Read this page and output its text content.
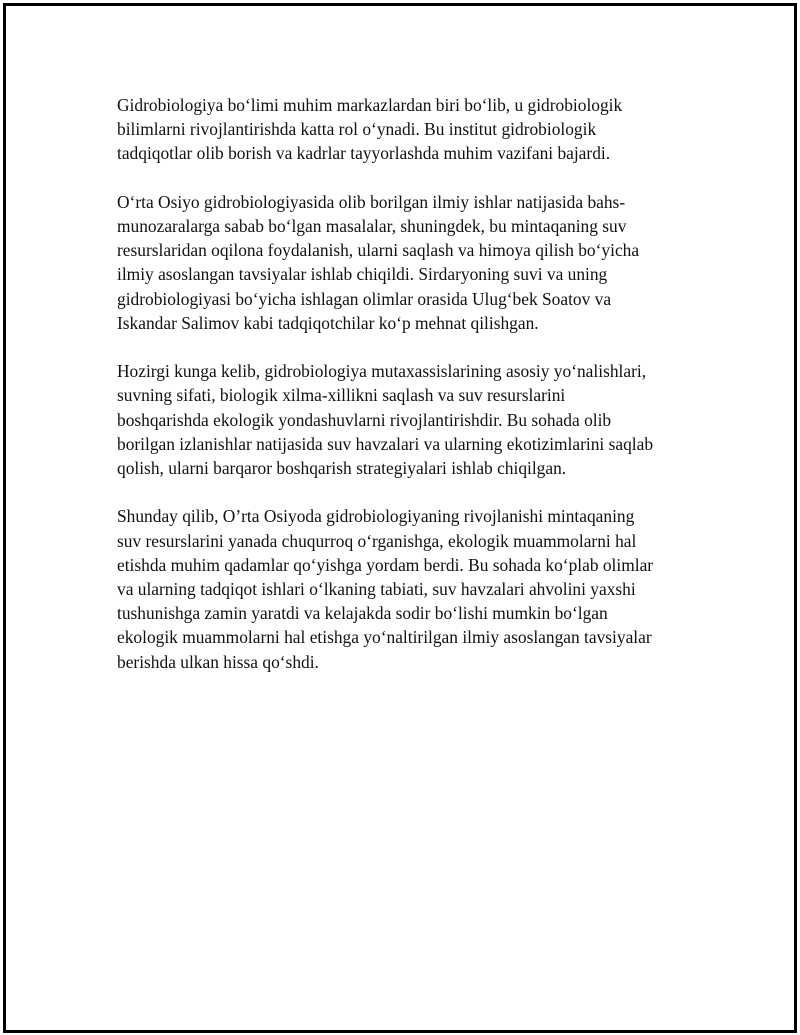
Gidrobiologiya bo‘limi muhim markazlardan biri bo‘lib, u gidrobiologik
bilimlarni rivojlantirishda katta rol o‘ynadi. Bu institut gidrobiologik
tadqiqotlar olib borish va kadrlar tayyorlashda muhim vazifani bajardi.

O‘rta Osiyo gidrobiologiyasida olib borilgan ilmiy ishlar natijasida bahs-
munozaralarga sabab bo‘lgan masalalar, shuningdek, bu mintaqaning suv
resurslaridan oqilona foydalanish, ularni saqlash va himoya qilish bo‘yicha
ilmiy asoslangan tavsiyalar ishlab chiqildi. Sirdaryoning suvi va uning
gidrobiologiyasi bo‘yicha ishlagan olimlar orasida Ulug‘bek Soatov va
Iskandar Salimov kabi tadqiqotchilar ko‘p mehnat qilishgan.

Hozirgi kunga kelib, gidrobiologiya mutaxassislarining asosiy yo‘nalishlari,
suvning sifati, biologik xilma-xillikni saqlash va suv resurslarini
boshqarishda ekologik yondashuvlarni rivojlantirishdir. Bu sohada olib
borilgan izlanishlar natijasida suv havzalari va ularning ekotizimlarini saqlab
qolish, ularni barqaror boshqarish strategiyalari ishlab chiqilgan.

Shunday qilib, O’rta Osiyoda gidrobiologiyaning rivojlanishi mintaqaning
suv resurslarini yanada chuqurroq o‘rganishga, ekologik muammolarni hal
etishda muhim qadamlar qo‘yishga yordam berdi. Bu sohada ko‘plab olimlar
va ularning tadqiqot ishlari o‘lkaning tabiati, suv havzalari ahvolini yaxshi
tushunishga zamin yaratdi va kelajakda sodir bo‘lishi mumkin bo‘lgan
ekologik muammolarni hal etishga yo‘naltirilgan ilmiy asoslangan tavsiyalar
berishda ulkan hissa qo‘shdi.
